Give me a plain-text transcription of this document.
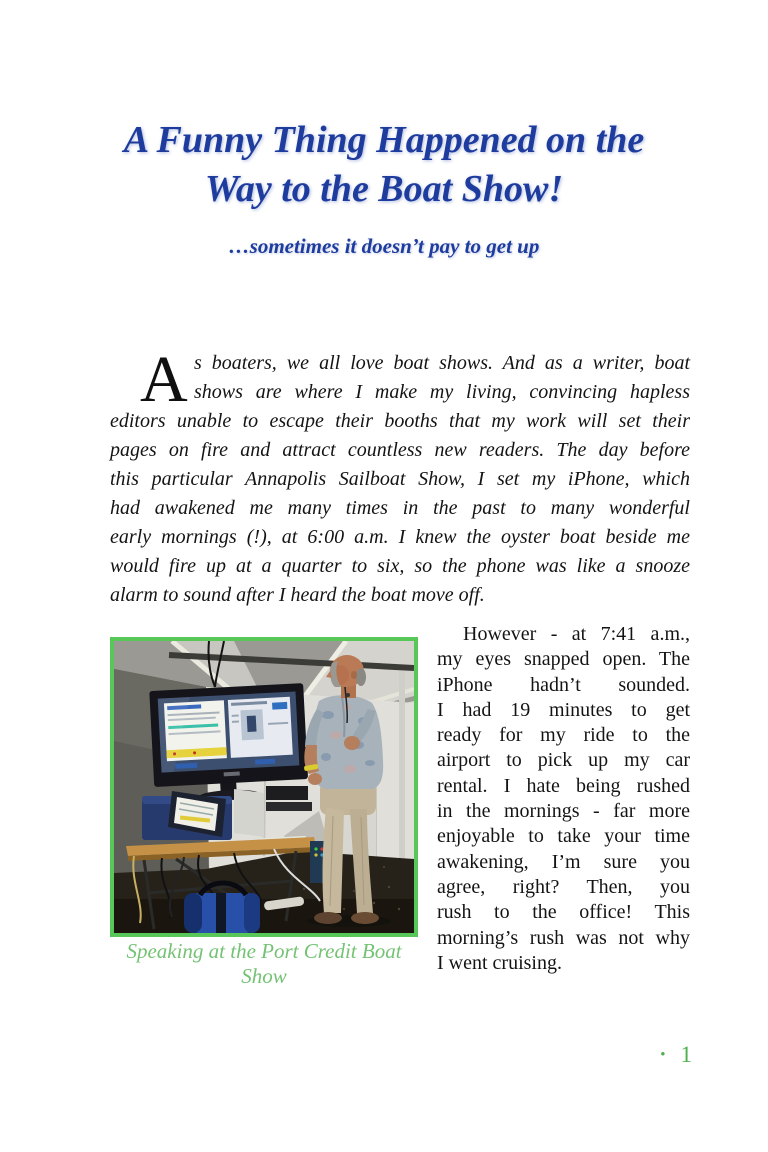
A Funny Thing Happened on the
Way to the Boat Show!
…sometimes it doesn’t pay to get up
A s boaters, we all love boat shows. And as a writer, boat
shows are where I make my living, convincing hapless
editors unable to escape their booths that my work will set their
pages on fire and attract countless new readers. The day before
this particular Annapolis Sailboat Show, I set my iPhone, which
had awakened me many times in the past to many wonderful
early mornings (!), at 6:00 a.m. I knew the oyster boat beside me
would fire up at a quarter to six, so the phone was like a snooze
alarm to sound after I heard the boat move off.
Speaking at the Port Credit Boat Show
However - at 7:41 a.m.,
my eyes snapped open. The
iPhone hadn’t sounded.
I had 19 minutes to get
ready for my ride to the
airport to pick up my car
rental. I hate being rushed
in the mornings - far more
enjoyable to take your time
awakening, I’m sure you
agree, right? Then, you
rush to the office! This
morning’s rush was not why
I went cruising.
• 1
